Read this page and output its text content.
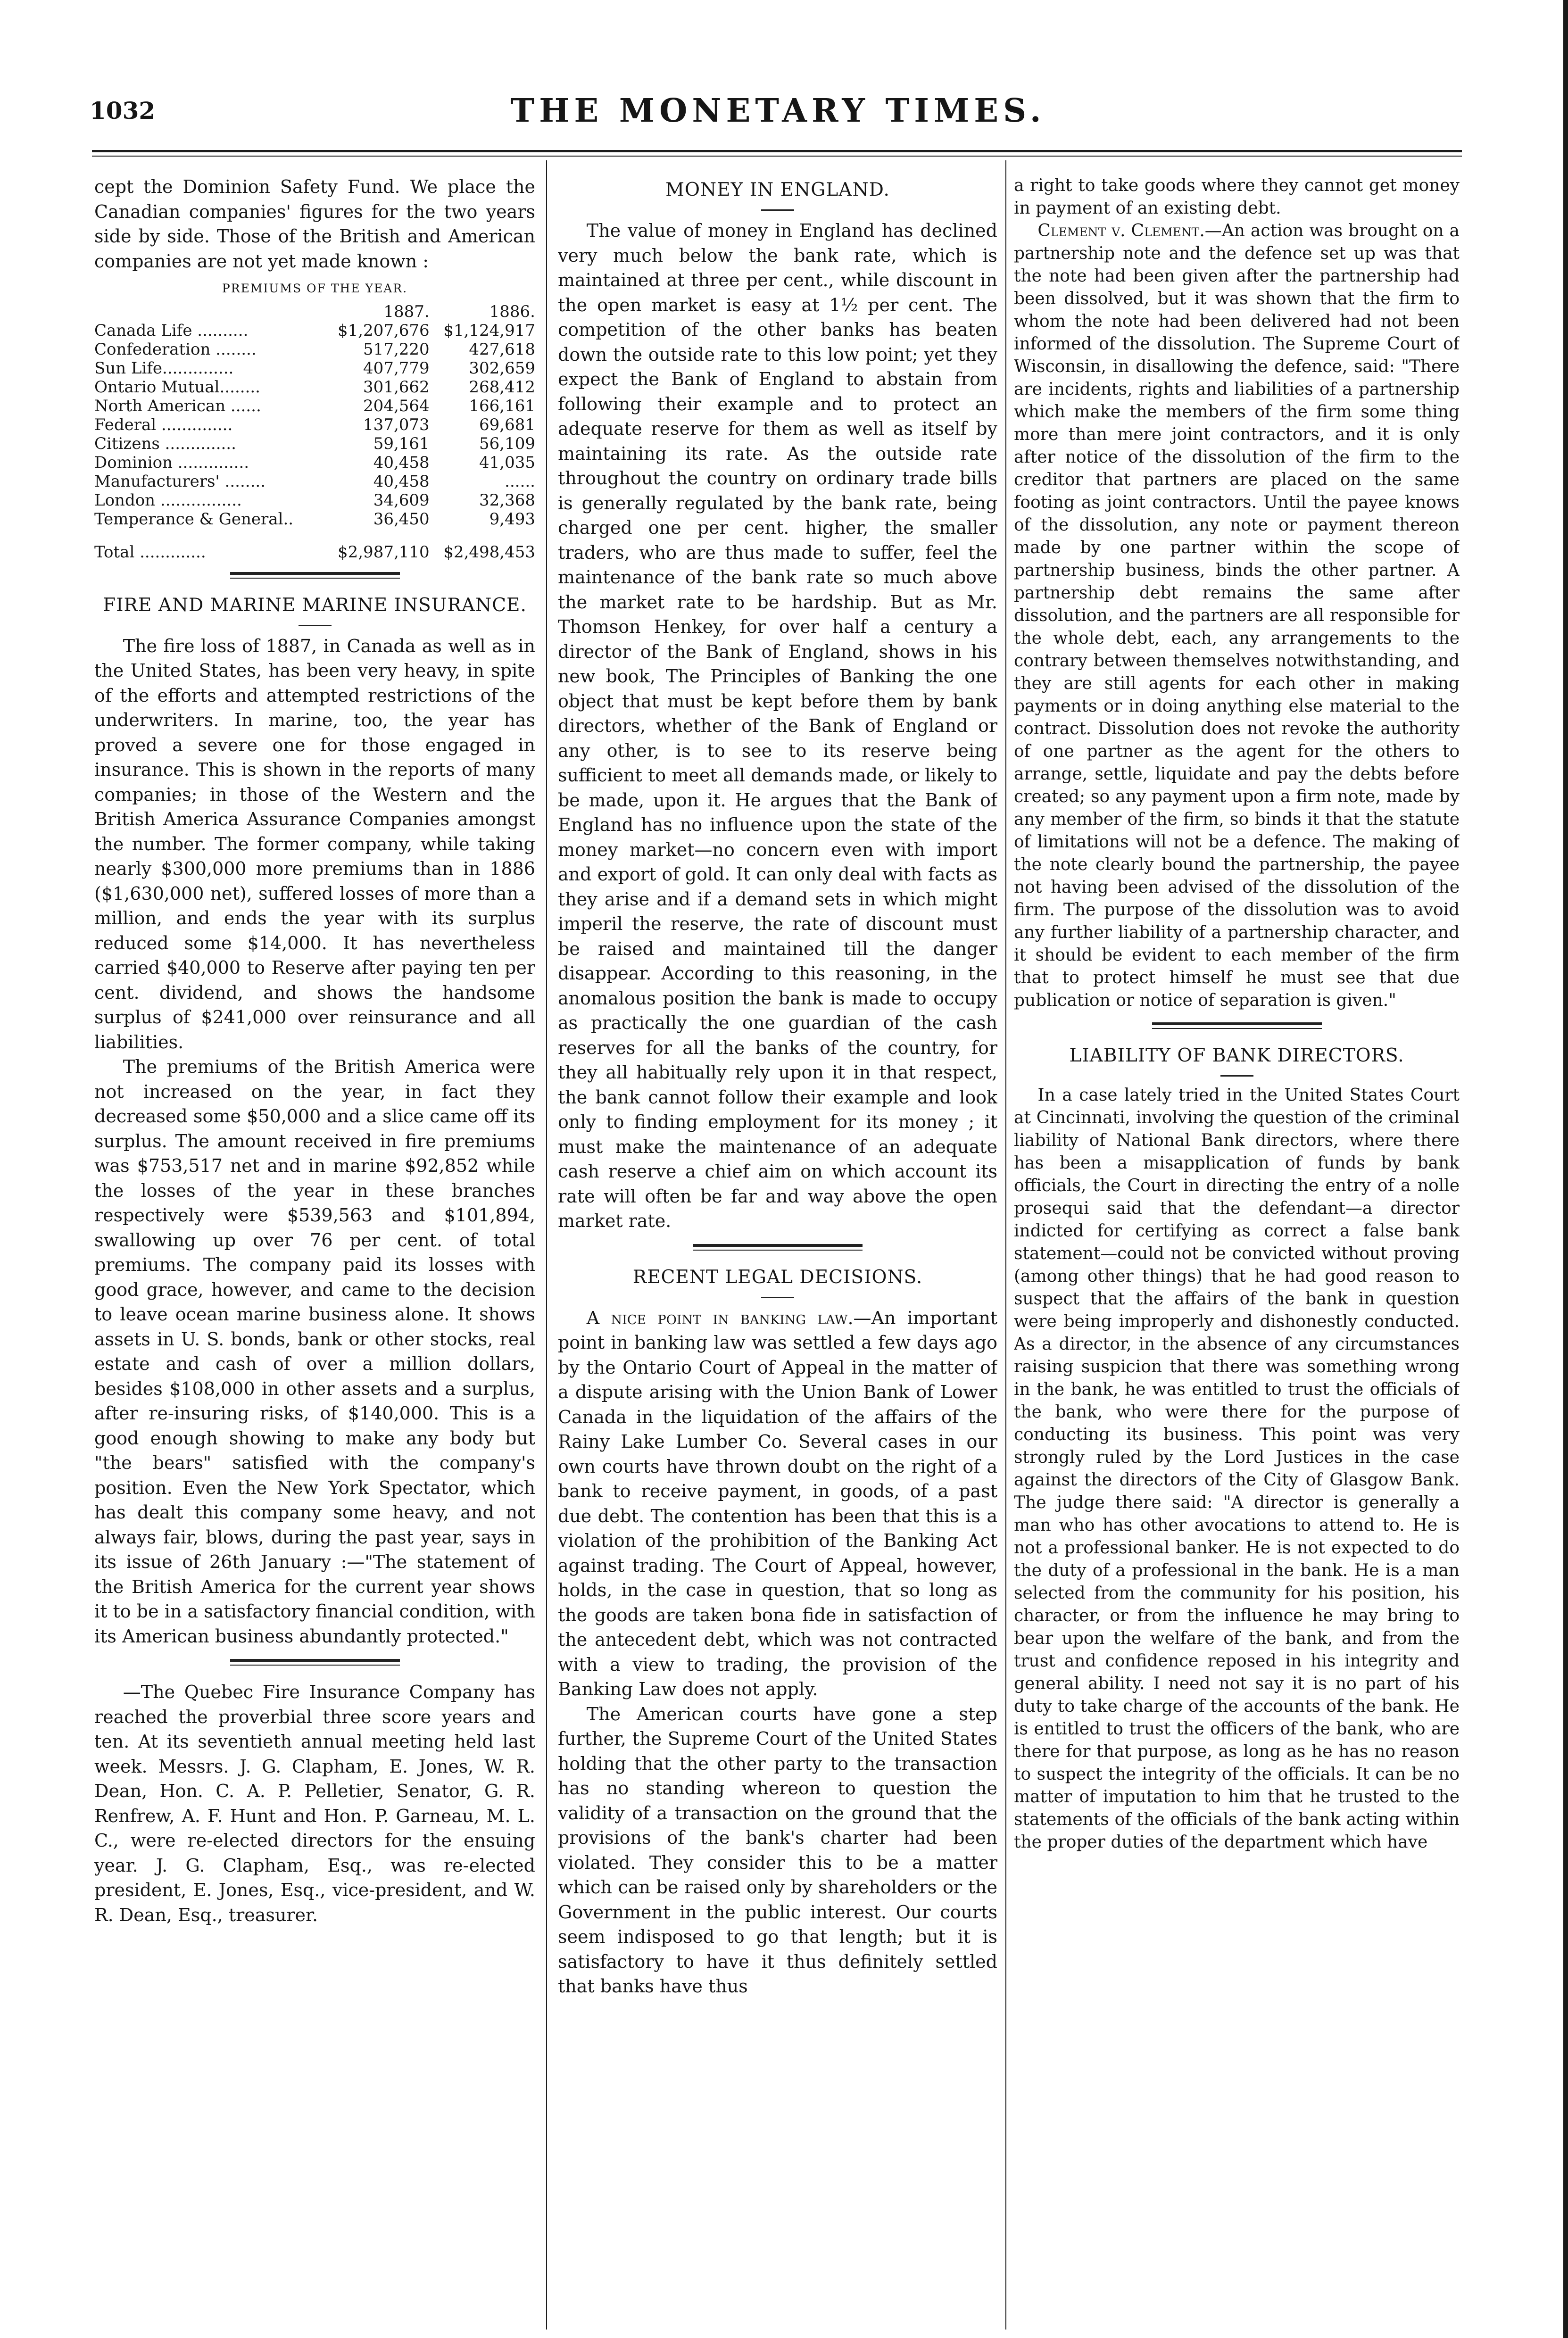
1032	THE MONETARY TIMES.

cept the Dominion Safety Fund. We place the Canadian companies' figures for the two years side by side. Those of the British and American companies are not yet made known :

PREMIUMS OF THE YEAR.
	1887.	1886.
Canada Life ..........	$1,207,676	$1,124,917
Confederation ........	517,220	427,618
Sun Life..............	407,779	302,659
Ontario Mutual........	301,662	268,412
North American ......	204,564	166,161
Federal ..............	137,073	69,681
Citizens ..............	59,161	56,109
Dominion ..............	40,458	41,035
Manufacturers' ........	40,458	......
London ................	34,609	32,368
Temperance & General..	36,450	9,493
Total .............	$2,987,110	$2,498,453
FIRE AND MARINE MARINE INSURANCE.

The fire loss of 1887, in Canada as well as in the United States, has been very heavy, in spite of the efforts and attempted restrictions of the underwriters. In marine, too, the year has proved a severe one for those engaged in insurance. This is shown in the reports of many companies; in those of the Western and the British America Assurance Companies amongst the number. The former company, while taking nearly $300,000 more premiums than in 1886 ($1,630,000 net), suffered losses of more than a million, and ends the year with its surplus reduced some $14,000. It has nevertheless carried $40,000 to Reserve after paying ten per cent. dividend, and shows the handsome surplus of $241,000 over reinsurance and all liabilities.

The premiums of the British America were not increased on the year, in fact they decreased some $50,000 and a slice came off its surplus. The amount received in fire premiums was $753,517 net and in marine $92,852 while the losses of the year in these branches respectively were $539,563 and $101,894, swallowing up over 76 per cent. of total premiums. The company paid its losses with good grace, however, and came to the decision to leave ocean marine business alone. It shows assets in U. S. bonds, bank or other stocks, real estate and cash of over a million dollars, besides $108,000 in other assets and a surplus, after re-insuring risks, of $140,000. This is a good enough showing to make any body but "the bears" satisfied with the company's position. Even the New York Spectator, which has dealt this company some heavy, and not always fair, blows, during the past year, says in its issue of 26th January :—"The statement of the British America for the current year shows it to be in a satisfactory financial condition, with its American business abundantly protected."

—The Quebec Fire Insurance Company has reached the proverbial three score years and ten. At its seventieth annual meeting held last week. Messrs. J. G. Clapham, E. Jones, W. R. Dean, Hon. C. A. P. Pelletier, Senator, G. R. Renfrew, A. F. Hunt and Hon. P. Garneau, M. L. C., were re-elected directors for the ensuing year. J. G. Clapham, Esq., was re-elected president, E. Jones, Esq., vice-president, and W. R. Dean, Esq., treasurer.

MONEY IN ENGLAND.

The value of money in England has declined very much below the bank rate, which is maintained at three per cent., while discount in the open market is easy at 1½ per cent. The competition of the other banks has beaten down the outside rate to this low point; yet they expect the Bank of England to abstain from following their example and to protect an adequate reserve for them as well as itself by maintaining its rate. As the outside rate throughout the country on ordinary trade bills is generally regulated by the bank rate, being charged one per cent. higher, the smaller traders, who are thus made to suffer, feel the maintenance of the bank rate so much above the market rate to be hardship. But as Mr. Thomson Henkey, for over half a century a director of the Bank of England, shows in his new book, The Principles of Banking the one object that must be kept before them by bank directors, whether of the Bank of England or any other, is to see to its reserve being sufficient to meet all demands made, or likely to be made, upon it. He argues that the Bank of England has no influence upon the state of the money market—no concern even with import and export of gold. It can only deal with facts as they arise and if a demand sets in which might imperil the reserve, the rate of discount must be raised and maintained till the danger disappear. According to this reasoning, in the anomalous position the bank is made to occupy as practically the one guardian of the cash reserves for all the banks of the country, for they all habitually rely upon it in that respect, the bank cannot follow their example and look only to finding employment for its money ; it must make the maintenance of an adequate cash reserve a chief aim on which account its rate will often be far and way above the open market rate.

RECENT LEGAL DECISIONS.

A nice point in banking law.—An important point in banking law was settled a few days ago by the Ontario Court of Appeal in the matter of a dispute arising with the Union Bank of Lower Canada in the liquidation of the affairs of the Rainy Lake Lumber Co. Several cases in our own courts have thrown doubt on the right of a bank to receive payment, in goods, of a past due debt. The contention has been that this is a violation of the prohibition of the Banking Act against trading. The Court of Appeal, however, holds, in the case in question, that so long as the goods are taken bona fide in satisfaction of the antecedent debt, which was not contracted with a view to trading, the provision of the Banking Law does not apply.

The American courts have gone a step further, the Supreme Court of the United States holding that the other party to the transaction has no standing whereon to question the validity of a transaction on the ground that the provisions of the bank's charter had been violated. They consider this to be a matter which can be raised only by shareholders or the Government in the public interest. Our courts seem indisposed to go that length; but it is satisfactory to have it thus definitely settled that banks have thus

a right to take goods where they cannot get money in payment of an existing debt.

Clement v. Clement.—An action was brought on a partnership note and the defence set up was that the note had been given after the partnership had been dissolved, but it was shown that the firm to whom the note had been delivered had not been informed of the dissolution. The Supreme Court of Wisconsin, in disallowing the defence, said: "There are incidents, rights and liabilities of a partnership which make the members of the firm some thing more than mere joint contractors, and it is only after notice of the dissolution of the firm to the creditor that partners are placed on the same footing as joint contractors. Until the payee knows of the dissolution, any note or payment thereon made by one partner within the scope of partnership business, binds the other partner. A partnership debt remains the same after dissolution, and the partners are all responsible for the whole debt, each, any arrangements to the contrary between themselves notwithstanding, and they are still agents for each other in making payments or in doing anything else material to the contract. Dissolution does not revoke the authority of one partner as the agent for the others to arrange, settle, liquidate and pay the debts before created; so any payment upon a firm note, made by any member of the firm, so binds it that the statute of limitations will not be a defence. The making of the note clearly bound the partnership, the payee not having been advised of the dissolution of the firm. The purpose of the dissolution was to avoid any further liability of a partnership character, and it should be evident to each member of the firm that to protect himself he must see that due publication or notice of separation is given."

LIABILITY OF BANK DIRECTORS.

In a case lately tried in the United States Court at Cincinnati, involving the question of the criminal liability of National Bank directors, where there has been a misapplication of funds by bank officials, the Court in directing the entry of a nolle prosequi said that the defendant—a director indicted for certifying as correct a false bank statement—could not be convicted without proving (among other things) that he had good reason to suspect that the affairs of the bank in question were being improperly and dishonestly conducted. As a director, in the absence of any circumstances raising suspicion that there was something wrong in the bank, he was entitled to trust the officials of the bank, who were there for the purpose of conducting its business. This point was very strongly ruled by the Lord Justices in the case against the directors of the City of Glasgow Bank. The judge there said: "A director is generally a man who has other avocations to attend to. He is not a professional banker. He is not expected to do the duty of a professional in the bank. He is a man selected from the community for his position, his character, or from the influence he may bring to bear upon the welfare of the bank, and from the trust and confidence reposed in his integrity and general ability. I need not say it is no part of his duty to take charge of the accounts of the bank. He is entitled to trust the officers of the bank, who are there for that purpose, as long as he has no reason to suspect the integrity of the officials. It can be no matter of imputation to him that he trusted to the statements of the officials of the bank acting within the proper duties of the department which have
